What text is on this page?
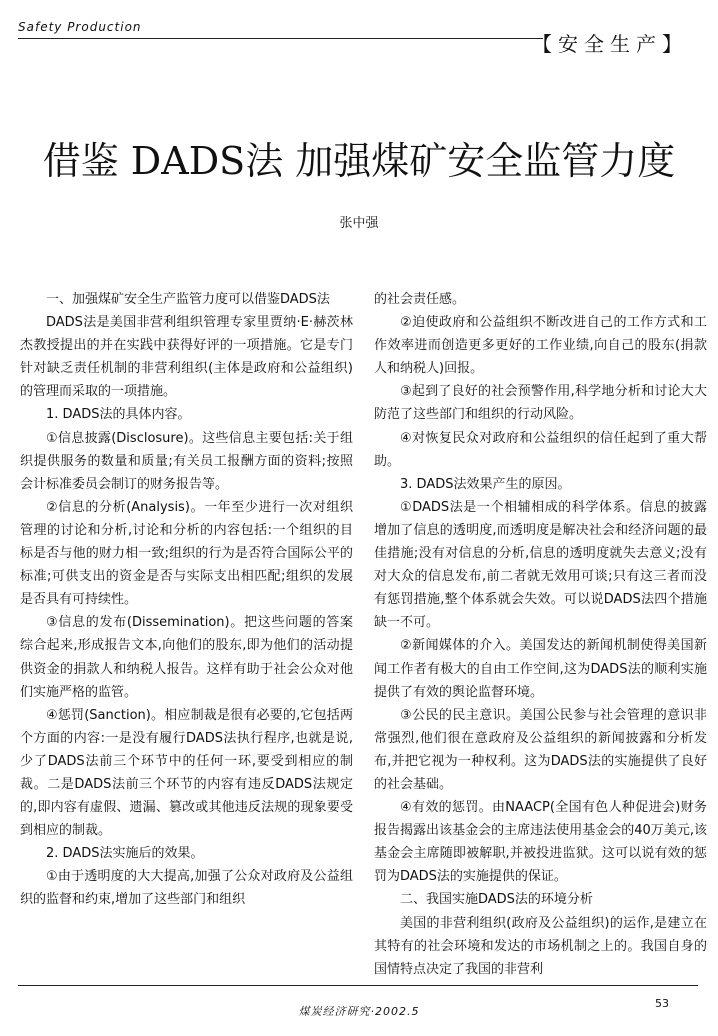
Safety Production
【安全生产】
借鉴 DADS法 加强煤矿安全监管力度
张中强

一、加强煤矿安全生产监管力度可以借鉴DADS法

DADS法是美国非营利组织管理专家里贾纳·E·赫茨林杰教授提出的并在实践中获得好评的一项措施。它是专门针对缺乏责任机制的非营利组织(主体是政府和公益组织)的管理而采取的一项措施。

1. DADS法的具体内容。

①信息披露(Disclosure)。这些信息主要包括:关于组织提供服务的数量和质量;有关员工报酬方面的资料;按照会计标准委员会制订的财务报告等。

②信息的分析(Analysis)。一年至少进行一次对组织管理的讨论和分析,讨论和分析的内容包括:一个组织的目标是否与他的财力相一致;组织的行为是否符合国际公平的标准;可供支出的资金是否与实际支出相匹配;组织的发展是否具有可持续性。

③信息的发布(Dissemination)。把这些问题的答案综合起来,形成报告文本,向他们的股东,即为他们的活动提供资金的捐款人和纳税人报告。这样有助于社会公众对他们实施严格的监管。

④惩罚(Sanction)。相应制裁是很有必要的,它包括两个方面的内容:一是没有履行DADS法执行程序,也就是说,少了DADS法前三个环节中的任何一环,要受到相应的制裁。二是DADS法前三个环节的内容有违反DADS法规定的,即内容有虚假、遗漏、篡改或其他违反法规的现象要受到相应的制裁。

2. DADS法实施后的效果。

①由于透明度的大大提高,加强了公众对政府及公益组织的监督和约束,增加了这些部门和组织

的社会责任感。

②迫使政府和公益组织不断改进自己的工作方式和工作效率进而创造更多更好的工作业绩,向自己的股东(捐款人和纳税人)回报。

③起到了良好的社会预警作用,科学地分析和讨论大大防范了这些部门和组织的行动风险。

④对恢复民众对政府和公益组织的信任起到了重大帮助。

3. DADS法效果产生的原因。

①DADS法是一个相辅相成的科学体系。信息的披露增加了信息的透明度,而透明度是解决社会和经济问题的最佳措施;没有对信息的分析,信息的透明度就失去意义;没有对大众的信息发布,前二者就无效用可谈;只有这三者而没有惩罚措施,整个体系就会失效。可以说DADS法四个措施缺一不可。

②新闻媒体的介入。美国发达的新闻机制使得美国新闻工作者有极大的自由工作空间,这为DADS法的顺利实施提供了有效的舆论监督环境。

③公民的民主意识。美国公民参与社会管理的意识非常强烈,他们很在意政府及公益组织的新闻披露和分析发布,并把它视为一种权利。这为DADS法的实施提供了良好的社会基础。

④有效的惩罚。由NAACP(全国有色人种促进会)财务报告揭露出该基金会的主席违法使用基金会的40万美元,该基金会主席随即被解职,并被投进监狱。这可以说有效的惩罚为DADS法的实施提供的保证。

二、我国实施DADS法的环境分析

美国的非营利组织(政府及公益组织)的运作,是建立在其特有的社会环境和发达的市场机制之上的。我国自身的国情特点决定了我国的非营利

煤炭经济研究·2002.5
53
